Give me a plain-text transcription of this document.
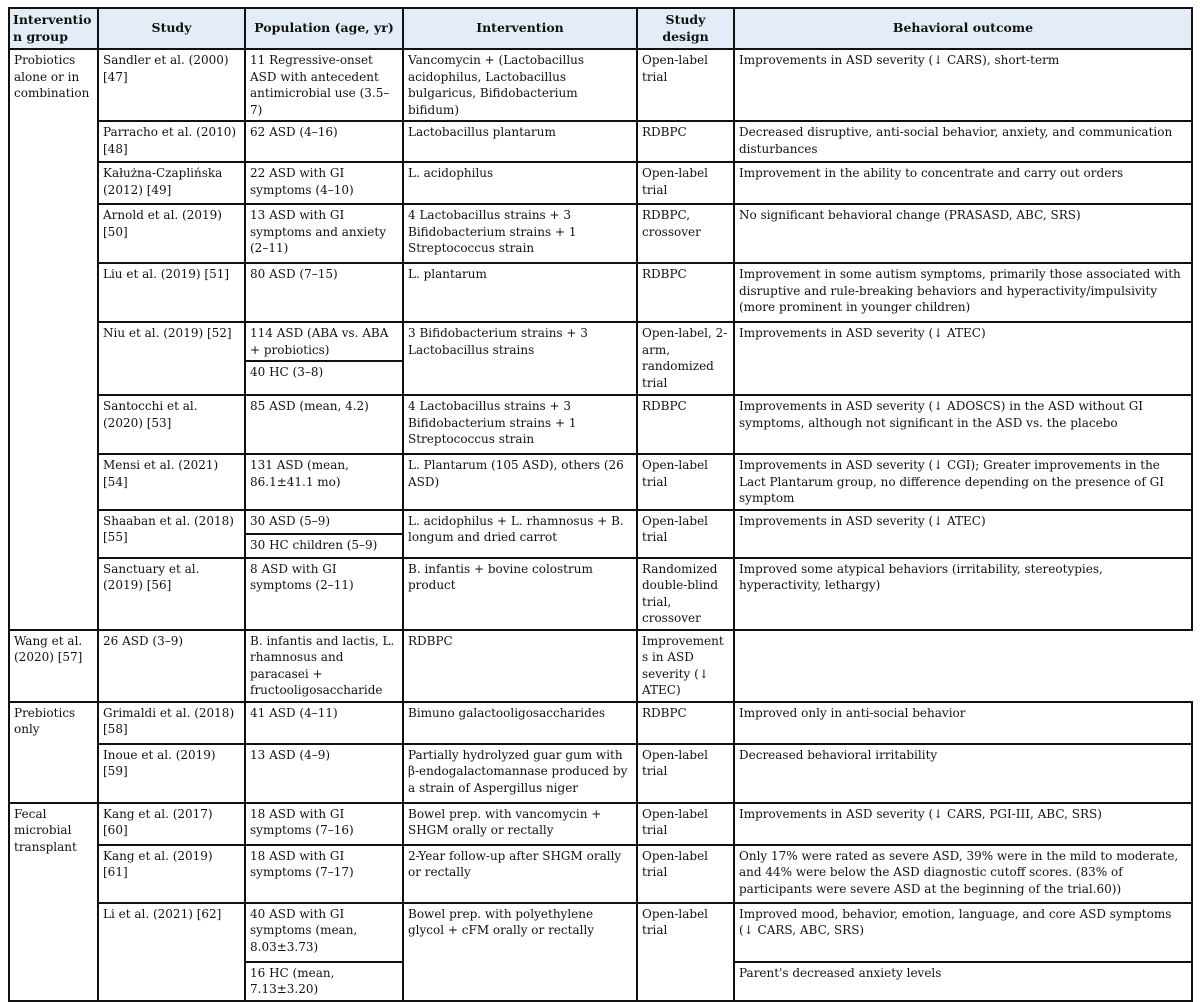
Intervention group	Study	Population (age, yr)	Intervention	Study design	Behavioral outcome
Probiotics alone or in combination	Sandler et al. (2000) [47]	11 Regressive-onset ASD with antecedent antimicrobial use (3.5–7)	Vancomycin + (Lactobacillus acidophilus, Lactobacillus bulgaricus, Bifidobacterium bifidum)	Open-label trial	Improvements in ASD severity (↓ CARS), short-term
	Parracho et al. (2010) [48]	62 ASD (4–16)	Lactobacillus plantarum	RDBPC	Decreased disruptive, anti-social behavior, anxiety, and communication disturbances
	Kałużna-Czaplińska (2012) [49]	22 ASD with GI symptoms (4–10)	L. acidophilus	Open-label trial	Improvement in the ability to concentrate and carry out orders
	Arnold et al. (2019) [50]	13 ASD with GI symptoms and anxiety (2–11)	4 Lactobacillus strains + 3 Bifidobacterium strains + 1 Streptococcus strain	RDBPC, crossover	No significant behavioral change (PRASASD, ABC, SRS)
	Liu et al. (2019) [51]	80 ASD (7–15)	L. plantarum	RDBPC	Improvement in some autism symptoms, primarily those associated with disruptive and rule-breaking behaviors and hyperactivity/impulsivity (more prominent in younger children)
	Niu et al. (2019) [52]	114 ASD (ABA vs. ABA + probiotics)	3 Bifidobacterium strains + 3 Lactobacillus strains	Open-label, 2-arm, randomized trial	Improvements in ASD severity (↓ ATEC)
		40 HC (3–8)			
	Santocchi et al. (2020) [53]	85 ASD (mean, 4.2)	4 Lactobacillus strains + 3 Bifidobacterium strains + 1 Streptococcus strain	RDBPC	Improvements in ASD severity (↓ ADOSCS) in the ASD without GI symptoms, although not significant in the ASD vs. the placebo
	Mensi et al. (2021) [54]	131 ASD (mean, 86.1±41.1 mo)	L. Plantarum (105 ASD), others (26 ASD)	Open-label trial	Improvements in ASD severity (↓ CGI); Greater improvements in the Lact Plantarum group, no difference depending on the presence of GI symptom
	Shaaban et al. (2018) [55]	30 ASD (5–9)	L. acidophilus + L. rhamnosus + B. longum and dried carrot	Open-label trial	Improvements in ASD severity (↓ ATEC)
		30 HC children (5–9)			
	Sanctuary et al. (2019) [56]	8 ASD with GI symptoms (2–11)	B. infantis + bovine colostrum product	Randomized double-blind trial, crossover	Improved some atypical behaviors (irritability, stereotypies, hyperactivity, lethargy)
Wang et al. (2020) [57]	26 ASD (3–9)	B. infantis and lactis, L. rhamnosus and paracasei + fructooligosaccharide	RDBPC	Improvements in ASD severity (↓ ATEC)	
Prebiotics only	Grimaldi et al. (2018) [58]	41 ASD (4–11)	Bimuno galactooligosaccharides	RDBPC	Improved only in anti-social behavior
	Inoue et al. (2019) [59]	13 ASD (4–9)	Partially hydrolyzed guar gum with β-endogalactomannase produced by a strain of Aspergillus niger	Open-label trial	Decreased behavioral irritability
Fecal microbial transplant	Kang et al. (2017) [60]	18 ASD with GI symptoms (7–16)	Bowel prep. with vancomycin + SHGM orally or rectally	Open-label trial	Improvements in ASD severity (↓ CARS, PGI-III, ABC, SRS)
	Kang et al. (2019) [61]	18 ASD with GI symptoms (7–17)	2-Year follow-up after SHGM orally or rectally	Open-label trial	Only 17% were rated as severe ASD, 39% were in the mild to moderate, and 44% were below the ASD diagnostic cutoff scores. (83% of participants were severe ASD at the beginning of the trial.60))
	Li et al. (2021) [62]	40 ASD with GI symptoms (mean, 8.03±3.73)	Bowel prep. with polyethylene glycol + cFM orally or rectally	Open-label trial	Improved mood, behavior, emotion, language, and core ASD symptoms (↓ CARS, ABC, SRS)
		16 HC (mean, 7.13±3.20)			Parent's decreased anxiety levels
